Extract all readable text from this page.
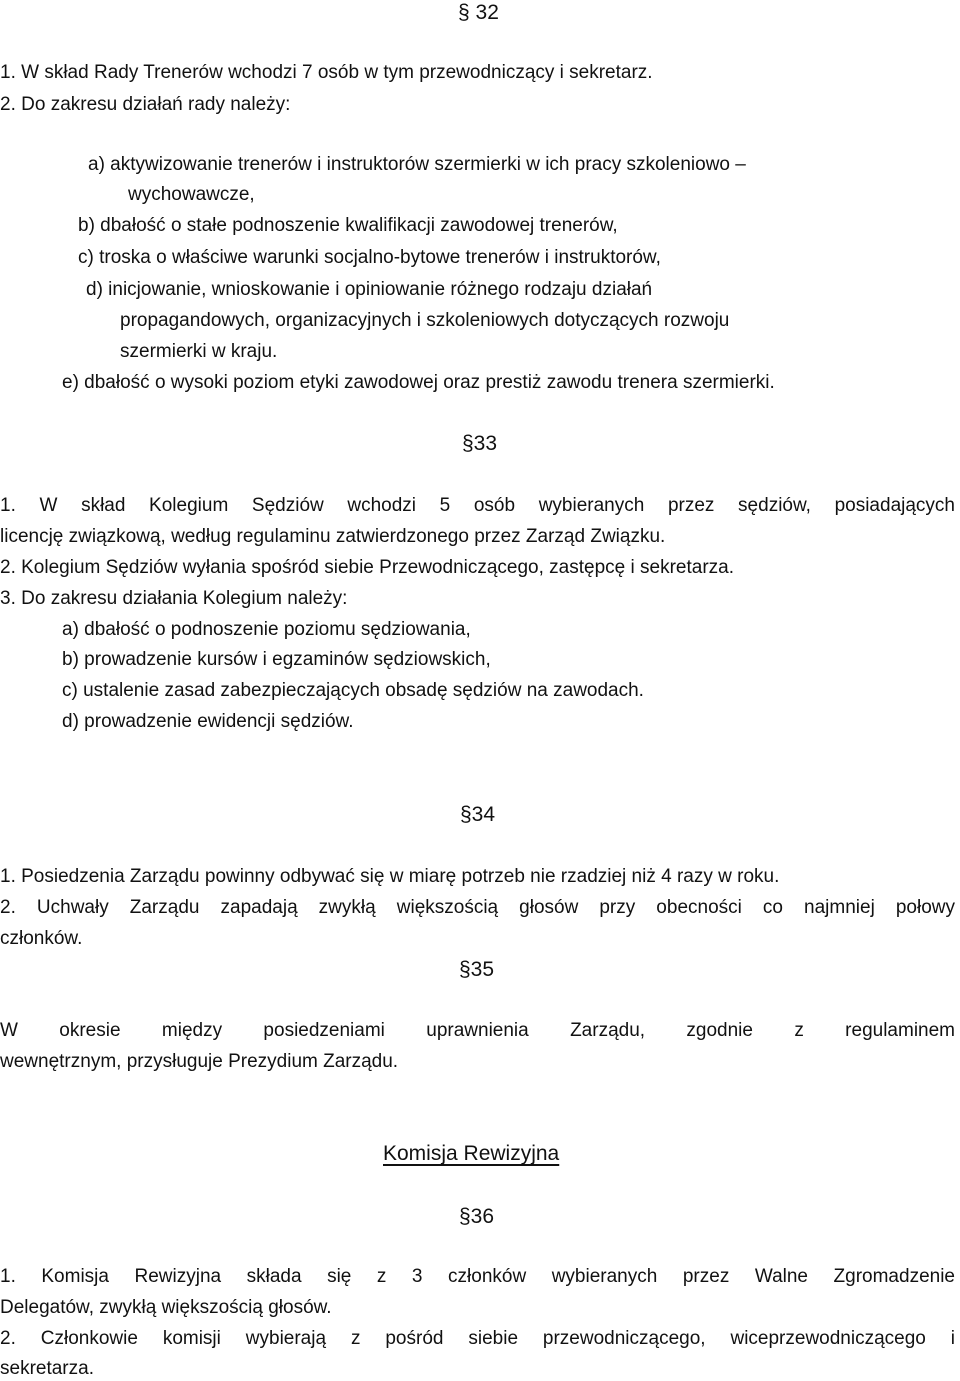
§ 32
1. W skład Rady Trenerów wchodzi 7 osób w tym przewodniczący i sekretarz.
2. Do zakresu działań rady należy:
a) aktywizowanie trenerów i instruktorów szermierki w ich pracy szkoleniowo –
wychowawcze,
b) dbałość o stałe podnoszenie kwalifikacji zawodowej trenerów,
c) troska o właściwe warunki socjalno-bytowe trenerów i instruktorów,
d) inicjowanie, wnioskowanie i opiniowanie różnego rodzaju działań
propagandowych, organizacyjnych i szkoleniowych dotyczących rozwoju
szermierki w kraju.
e) dbałość o wysoki poziom etyki zawodowej oraz prestiż zawodu trenera szermierki.
§33
1. W skład Kolegium Sędziów wchodzi 5 osób wybieranych przez sędziów, posiadających
licencję związkową, według regulaminu zatwierdzonego przez Zarząd Związku.
2. Kolegium Sędziów wyłania spośród siebie Przewodniczącego, zastępcę i sekretarza.
3. Do zakresu działania Kolegium należy:
a) dbałość o podnoszenie poziomu sędziowania,
b) prowadzenie kursów i egzaminów sędziowskich,
c) ustalenie zasad zabezpieczających obsadę sędziów na zawodach.
d) prowadzenie ewidencji sędziów.
§34
1. Posiedzenia Zarządu powinny odbywać się w miarę potrzeb nie rzadziej niż 4 razy w roku.
2. Uchwały Zarządu zapadają zwykłą większością głosów przy obecności co najmniej połowy
członków.
§35
W okresie między posiedzeniami uprawnienia Zarządu, zgodnie z regulaminem
wewnętrznym, przysługuje Prezydium Zarządu.
Komisja Rewizyjna
§36
1. Komisja Rewizyjna składa się z 3 członków wybieranych przez Walne Zgromadzenie
Delegatów, zwykłą większością głosów.
2. Członkowie komisji wybierają z pośród siebie przewodniczącego, wiceprzewodniczącego i
sekretarza.
